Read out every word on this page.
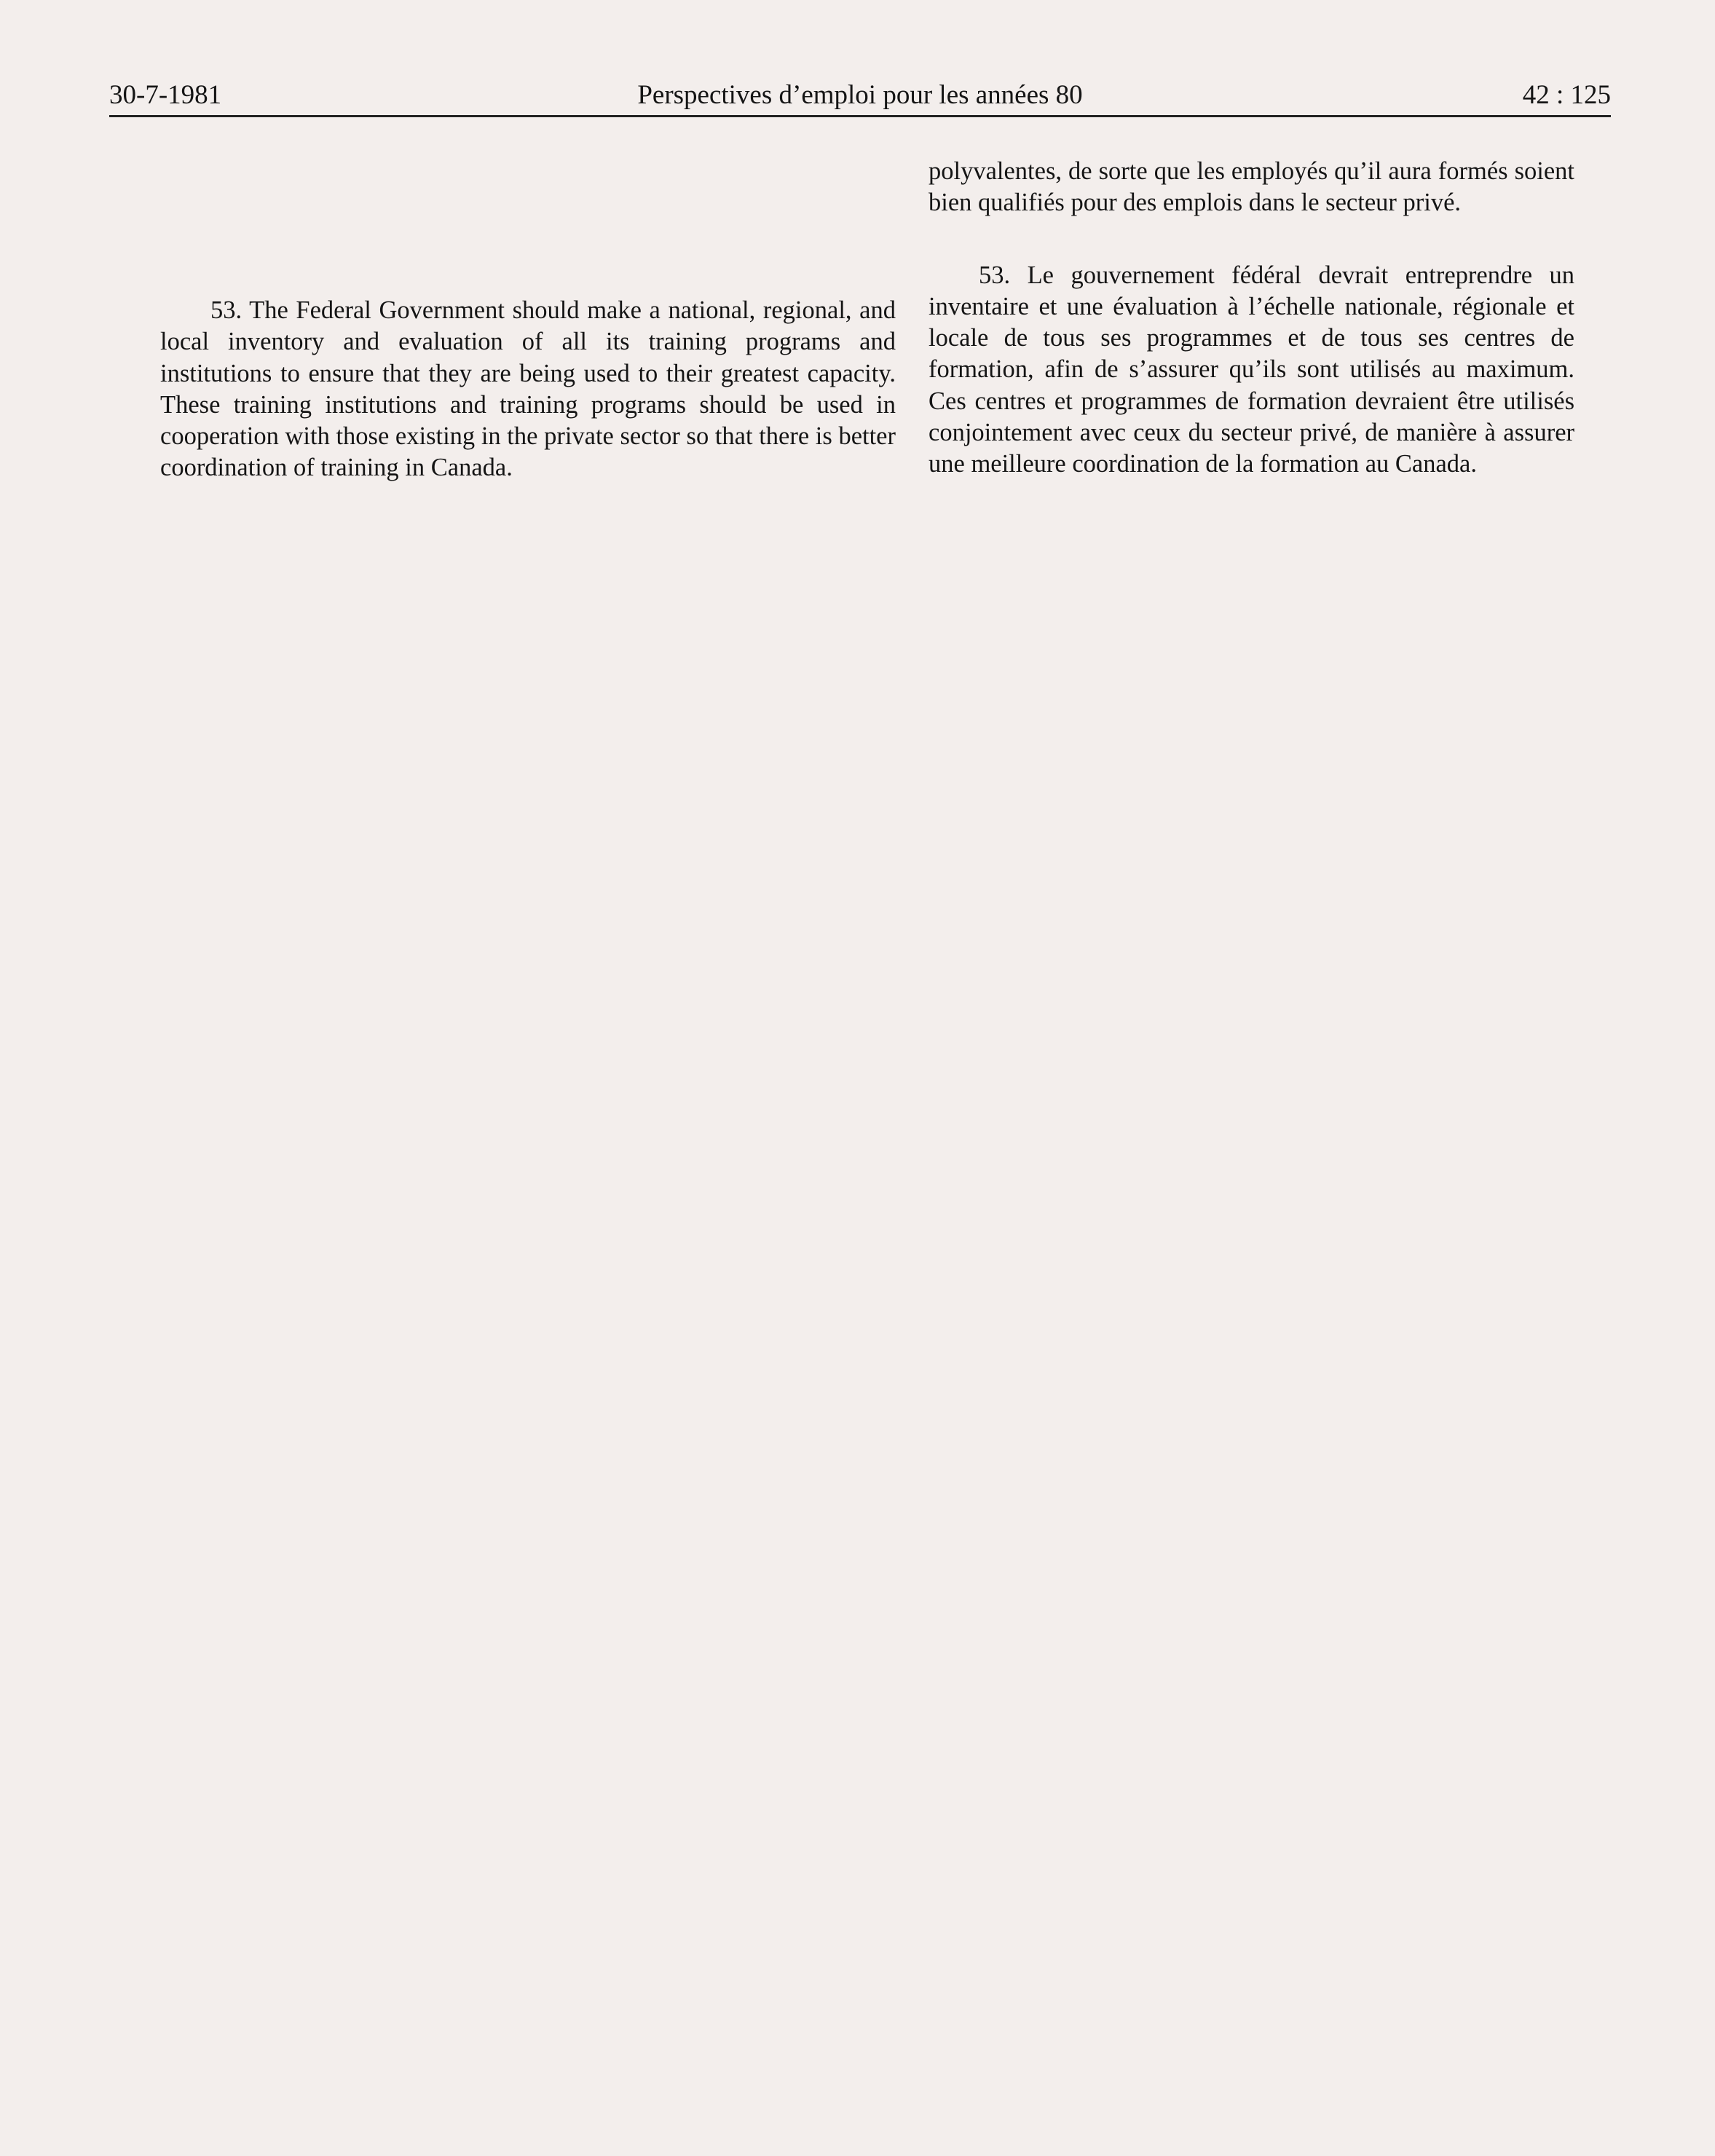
30-7-1981	Perspectives d’emploi pour les années 80	42 : 125

53. The Federal Government should make a national, regional, and local inventory and evaluation of all its training programs and institutions to ensure that they are being used to their greatest capacity. These training institutions and training programs should be used in cooperation with those existing in the private sector so that there is better coordination of training in Canada.

polyvalentes, de sorte que les employés qu’il aura formés soient bien qualifiés pour des emplois dans le secteur privé.

53. Le gouvernement fédéral devrait entreprendre un inventaire et une évaluation à l’échelle nationale, régionale et locale de tous ses programmes et de tous ses centres de formation, afin de s’assurer qu’ils sont utilisés au maximum. Ces centres et programmes de formation devraient être utilisés conjointement avec ceux du secteur privé, de manière à assurer une meilleure coordination de la formation au Canada.
